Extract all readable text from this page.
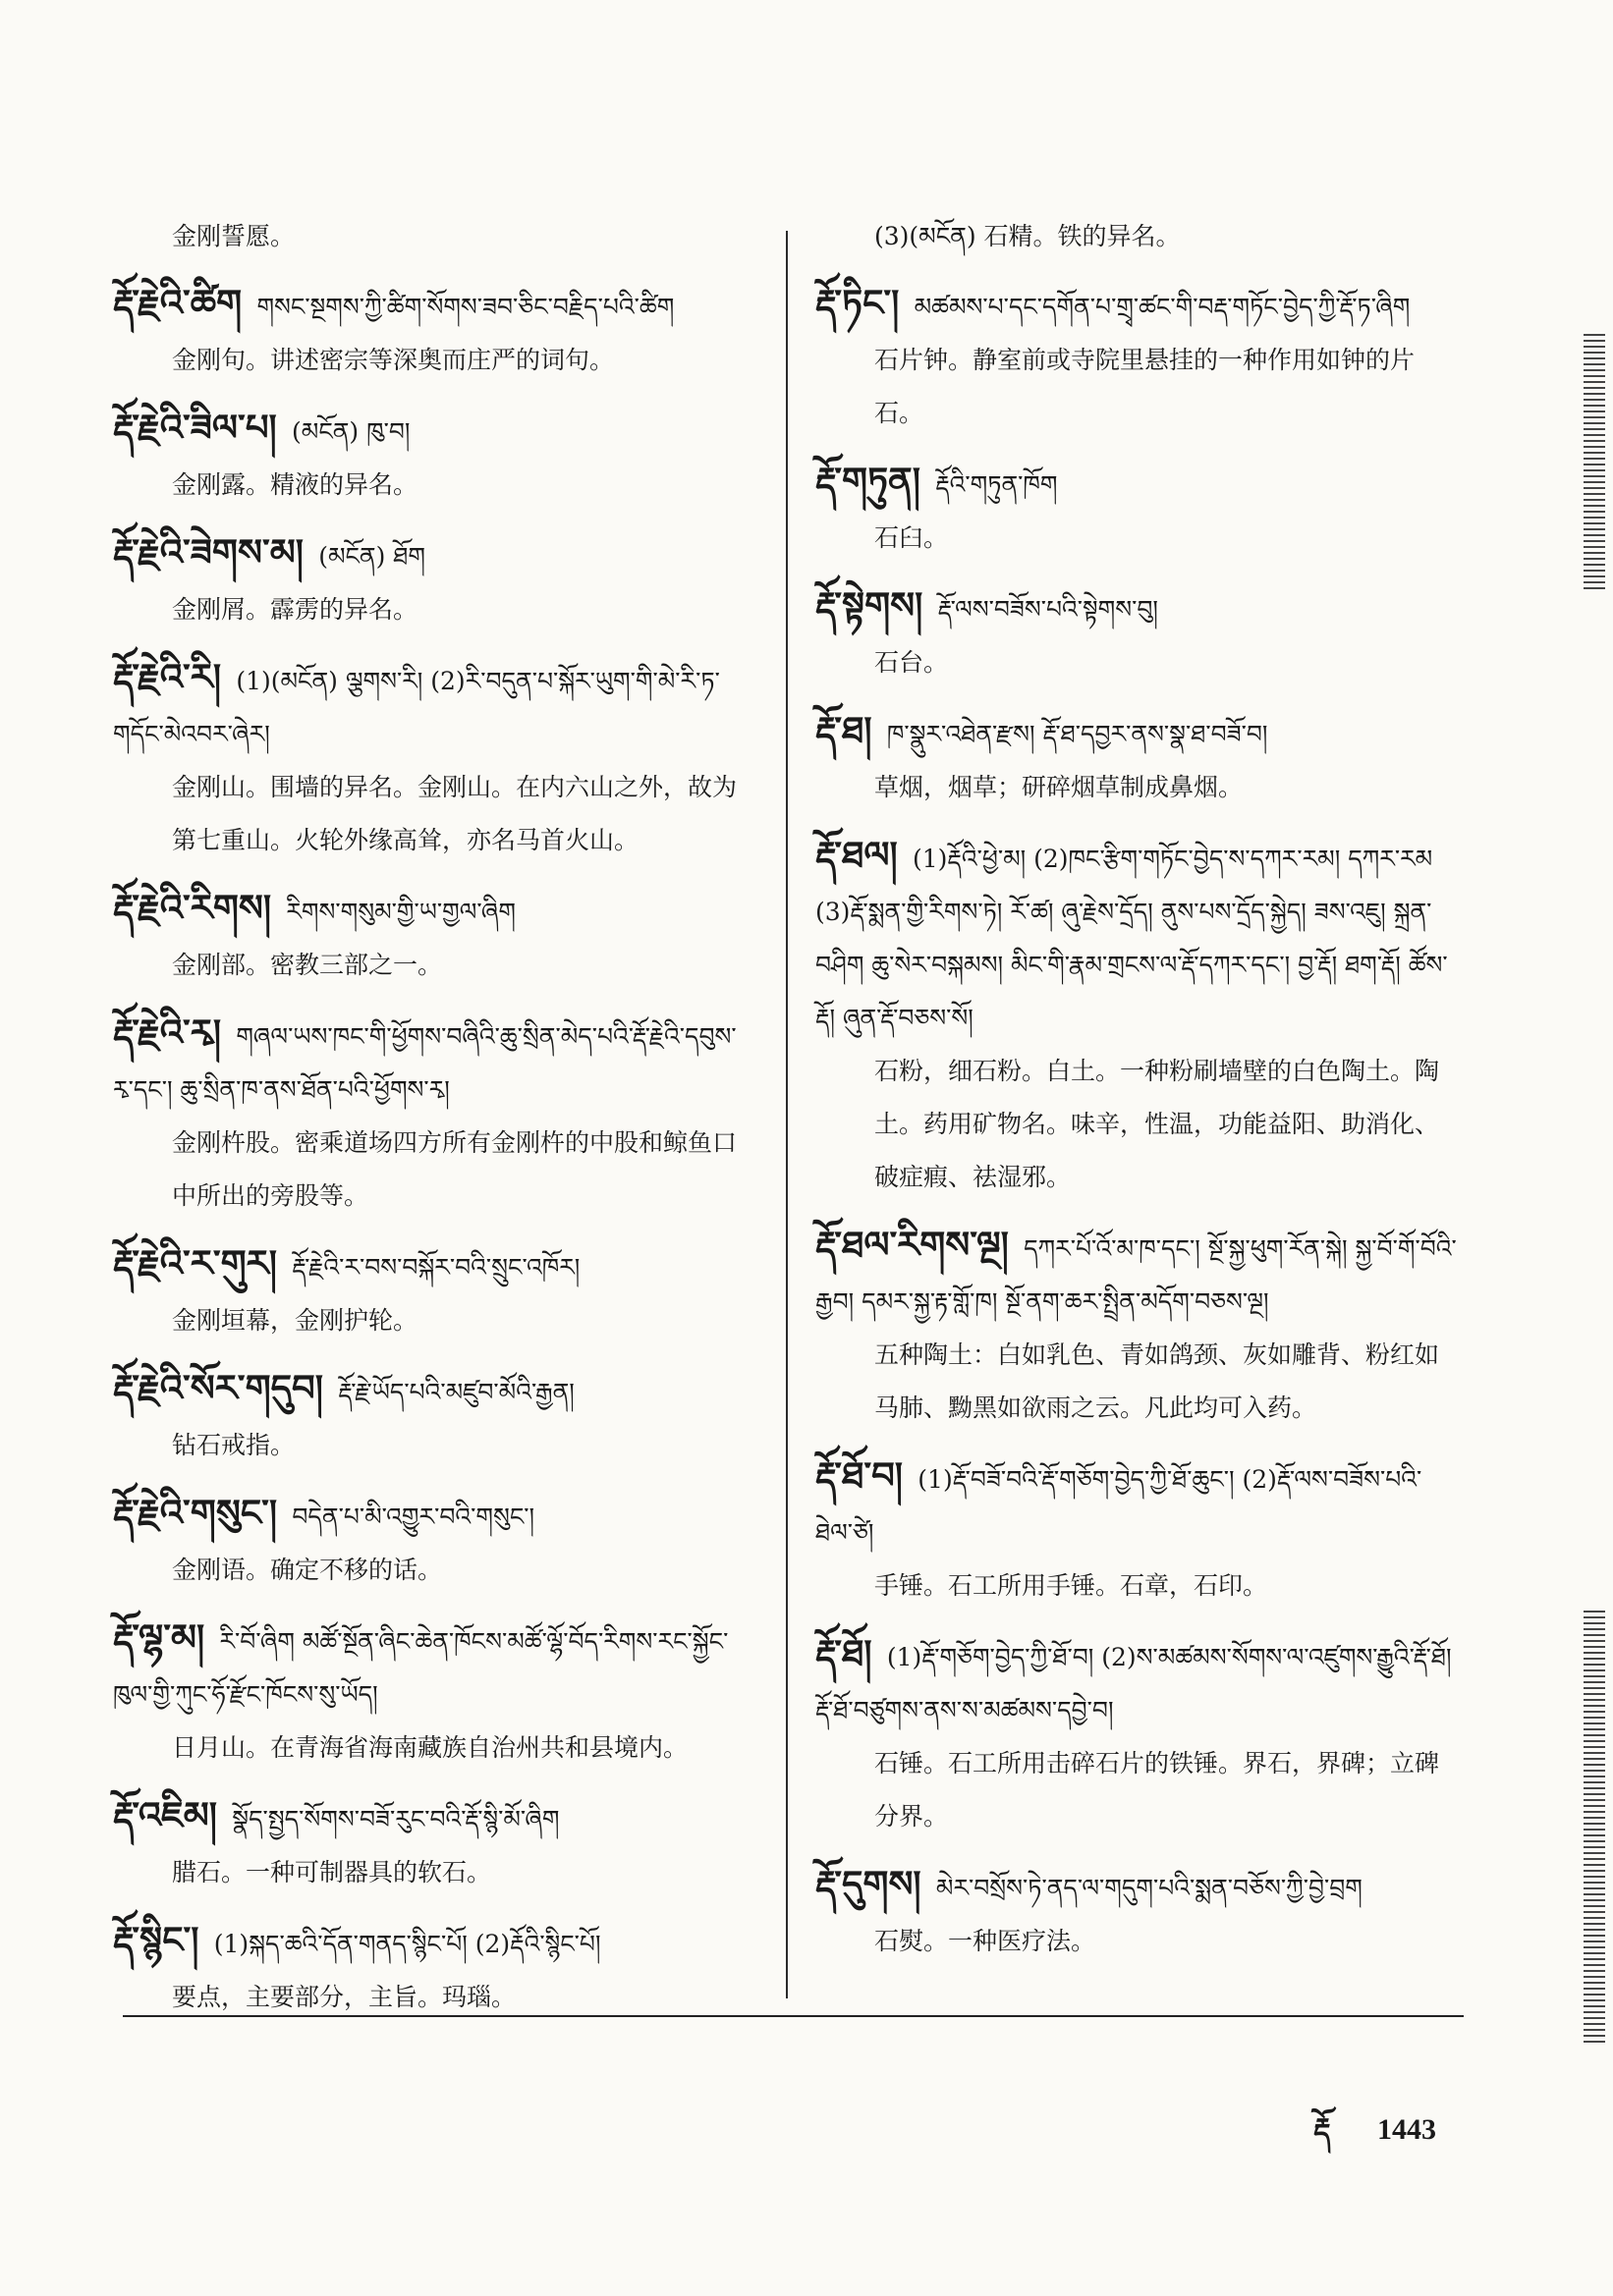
金刚誓愿。
རྡོ་རྗེའི་ཚིག གསང་སྔགས་ཀྱི་ཚིག་སོགས་ཟབ་ཅིང་བརྗིད་པའི་ཚིག
金刚句。讲述密宗等深奥而庄严的词句。
རྡོ་རྗེའི་ཟིལ་པ། (མངོན) ཁུ་བ།
金刚露。精液的异名。
རྡོ་རྗེའི་ཟེགས་མ། (མངོན) ཐོག
金刚屑。霹雳的异名。
རྡོ་རྗེའི་རི། (1)(མངོན) ལྕགས་རི། (2)རི་བདུན་པ་སྐོར་ཡུག་གི་མེ་རི་ཏ་གདོང་མེའབར་ཞེར།
金刚山。围墙的异名。金刚山。在内六山之外，故为第七重山。火轮外缘高耸，亦名马首火山。
རྡོ་རྗེའི་རིགས། རིགས་གསུམ་གྱི་ཡ་གྱལ་ཞིག
金刚部。密教三部之一。
རྡོ་རྗེའི་རྭ། གཞལ་ཡས་ཁང་གི་ཕྱོགས་བཞིའི་ཆུ་སྲིན་མེད་པའི་རྡོ་རྗེའི་དབུས་རྭ་དང་། ཆུ་སྲིན་ཁ་ནས་ཐོན་པའི་ཕྱོགས་རྭ།
金刚杵股。密乘道场四方所有金刚杵的中股和鲸鱼口中所出的旁股等。
རྡོ་རྗེའི་ར་གུར། རྡོ་རྗེའི་ར་བས་བསྐོར་བའི་སྲུང་འཁོར།
金刚垣幕，金刚护轮。
རྡོ་རྗེའི་སོར་གདུབ། རྡོ་རྗེ་ཡོད་པའི་མཛུབ་མོའི་རྒྱན།
钻石戒指。
རྡོ་རྗེའི་གསུང་། བདེན་པ་མི་འགྱུར་བའི་གསུང་།
金刚语。确定不移的话。
རྡོ་ལྷ་མ། རི་བོ་ཞིག མཚོ་སྔོན་ཞིང་ཆེན་ཁོངས་མཚོ་ལྷོ་བོད་རིགས་རང་སྐྱོང་ཁུལ་གྱི་ཀུང་ཧོ་རྫོང་ཁོངས་སུ་ཡོད།
日月山。在青海省海南藏族自治州共和县境内。
རྡོ་འཇིམ། སྣོད་སྤྱད་སོགས་བཟོ་རུང་བའི་རྡོ་སྙི་མོ་ཞིག
腊石。一种可制器具的软石。
རྡོ་སྙིང་། (1)སྐད་ཆའི་དོན་གནད་སྙིང་པོ། (2)རྡོའི་སྙིང་པོ།
要点，主要部分，主旨。玛瑙。
(3)(མངོན) 石精。铁的异名。
རྡོ་ཏིང་། མཚམས་པ་དང་དགོན་པ་གྲྭ་ཚང་གི་བརྡ་གཏོང་བྱེད་ཀྱི་རྡོ་ཏ་ཞིག
石片钟。静室前或寺院里悬挂的一种作用如钟的片石。
རྡོ་གཏུན། རྡོའི་གཏུན་ཁོག
石臼。
རྡོ་སྟེགས། རྡོ་ལས་བཟོས་པའི་སྟེགས་བུ།
石台。
རྡོ་ཐ། ཁ་སྣུར་འཐེན་རྫས། རྡོ་ཐ་དབྱར་ནས་སྣ་ཐ་བཟོ་བ།
草烟，烟草；研碎烟草制成鼻烟。
རྡོ་ཐལ། (1)རྡོའི་ཕྱེ་མ། (2)ཁང་རྩིག་གཏོང་བྱེད་ས་དཀར་རམ། དཀར་རམ (3)རྡོ་སྨན་གྱི་རིགས་ཏེ། རོ་ཚ། ཞུ་རྗེས་དྲོད། ནུས་པས་དྲོད་སྐྱེད། ཟས་འཇུ། སྐྲན་བཤིག ཆུ་སེར་བསྐམས། མིང་གི་རྣམ་གྲངས་ལ་རྡོ་དཀར་དང་། བྱ་རྡོ། ཐག་རྡོ། ཚོས་རྡོ། ཞུན་རྡོ་བཅས་སོ།
石粉，细石粉。白土。一种粉刷墙壁的白色陶土。陶土。药用矿物名。味辛，性温，功能益阳、助消化、破症瘕、祛湿邪。
རྡོ་ཐལ་རིགས་ལྔ། དཀར་པོ་འོ་མ་ཁ་དང་། སྔོ་སྐྱ་ཕུག་རོན་སྐེ། སྐྱ་བོ་གོ་བོའི་རྒྱབ། དམར་སྐྱ་རྟ་གློ་ཁ། སྔོ་ནག་ཆར་སྤྲིན་མདོག་བཅས་ལྔ།
五种陶土：白如乳色、青如鸽颈、灰如雕背、粉红如马肺、黝黑如欲雨之云。凡此均可入药。
རྡོ་ཐོ་བ། (1)རྡོ་བཟོ་བའི་རྡོ་གཅོག་བྱེད་ཀྱི་ཐོ་ཆུང་། (2)རྡོ་ལས་བཟོས་པའི་ཐེལ་ཙེ།
手锤。石工所用手锤。石章，石印。
རྡོ་ཐོ། (1)རྡོ་གཅོག་བྱེད་ཀྱི་ཐོ་བ། (2)ས་མཚམས་སོགས་ལ་འཛུགས་རྒྱུའི་རྡོ་ཐོ། རྡོ་ཐོ་བཙུགས་ནས་ས་མཚམས་དབྱེ་བ།
石锤。石工所用击碎石片的铁锤。界石，界碑；立碑分界。
རྡོ་དུགས། མེར་བསྲོས་ཏེ་ནད་ལ་གདུག་པའི་སྨན་བཅོས་ཀྱི་བྱེ་བྲག
石熨。一种医疗法。
རྡོ 1443
